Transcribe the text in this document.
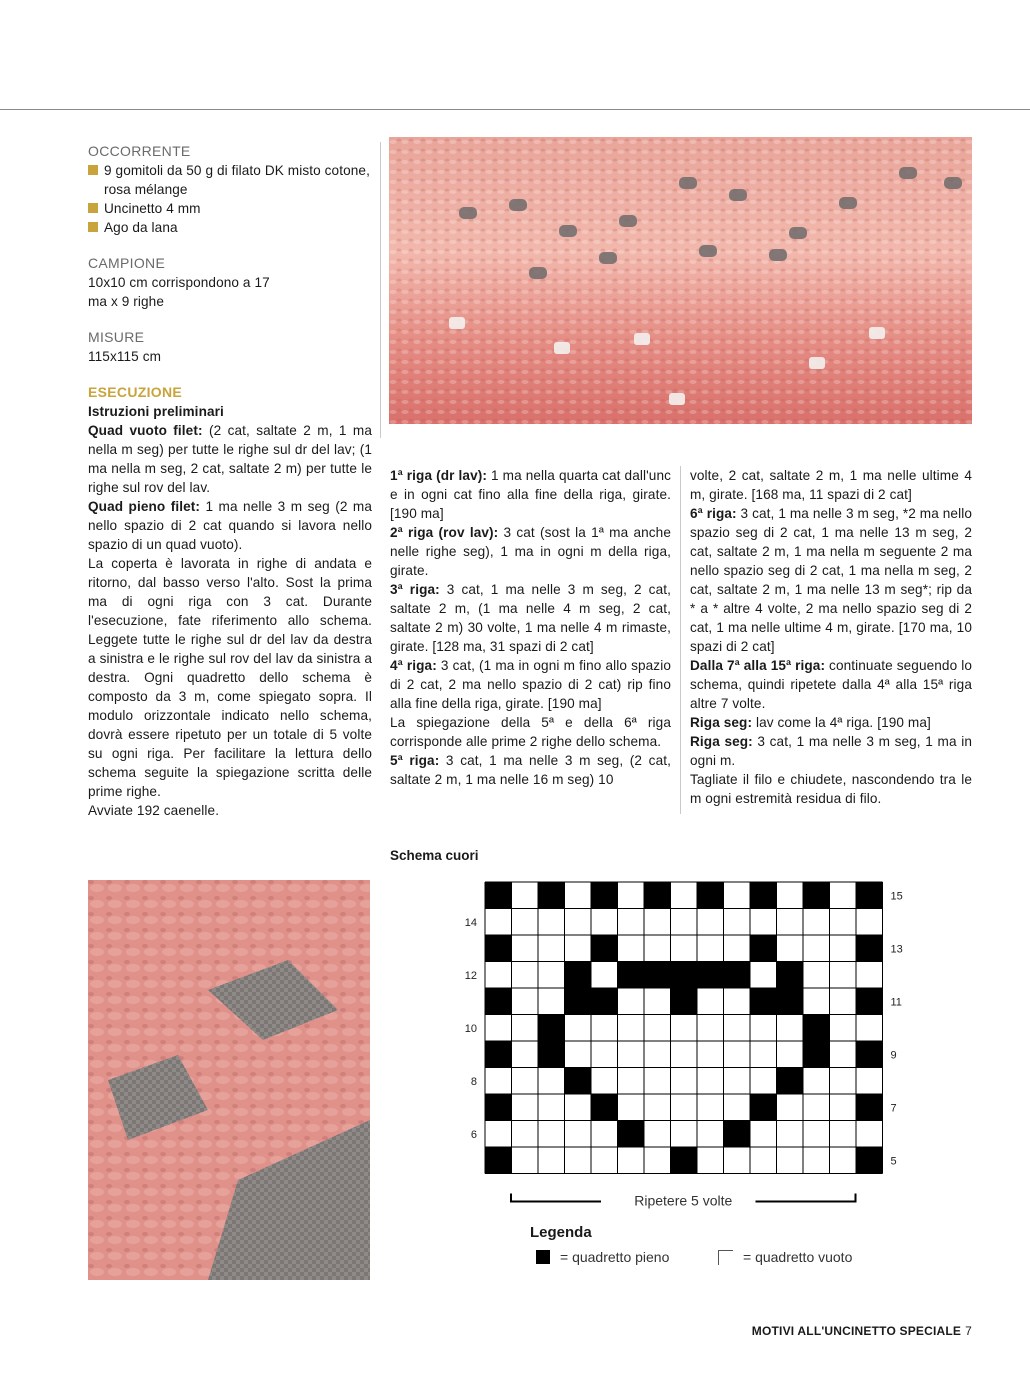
OCCORRENTE

9 gomitoli da 50 g di filato DK misto cotone, rosa mélange
Uncinetto 4 mm
Ago da lana

CAMPIONE

10x10 cm corrispondono a 17 ma x 9 righe

MISURE

115x115 cm

ESECUZIONE

Istruzioni preliminari

Quad vuoto filet: (2 cat, saltate 2 m, 1 ma nella m seg) per tutte le righe sul dr del lav; (1 ma nella m seg, 2 cat, saltate 2 m) per tutte le righe sul rov del lav.

Quad pieno filet: 1 ma nelle 3 m seg (2 ma nello spazio di 2 cat quando si lavora nello spazio di un quad vuoto).

La coperta è lavorata in righe di andata e ritorno, dal basso verso l'alto. Sost la prima ma di ogni riga con 3 cat. Durante l'esecuzione, fate riferimento allo schema. Leggete tutte le righe sul dr del lav da destra a sinistra e le righe sul rov del lav da sinistra a destra. Ogni quadretto dello schema è composto da 3 m, come spiegato sopra. Il modulo orizzontale indicato nello schema, dovrà essere ripetuto per un totale di 5 volte su ogni riga. Per facilitare la lettura dello schema seguite la spiegazione scritta delle prime righe.

Avviate 192 caenelle.

1ª riga (dr lav): 1 ma nella quarta cat dall'unc e in ogni cat fino alla fine della riga, girate. [190 ma]

2ª riga (rov lav): 3 cat (sost la 1ª ma anche nelle righe seg), 1 ma in ogni m della riga, girate.

3ª riga: 3 cat, 1 ma nelle 3 m seg, 2 cat, saltate 2 m, (1 ma nelle 4 m seg, 2 cat, saltate 2 m) 30 volte, 1 ma nelle 4 m rimaste, girate. [128 ma, 31 spazi di 2 cat]

4ª riga: 3 cat, (1 ma in ogni m fino allo spazio di 2 cat, 2 ma nello spazio di 2 cat) rip fino alla fine della riga, girate. [190 ma]

La spiegazione della 5ª e della 6ª riga corrisponde alle prime 2 righe dello schema.

5ª riga: 3 cat, 1 ma nelle 3 m seg, (2 cat, saltate 2 m, 1 ma nelle 16 m seg) 10

volte, 2 cat, saltate 2 m, 1 ma nelle ultime 4 m, girate. [168 ma, 11 spazi di 2 cat]

6ª riga: 3 cat, 1 ma nelle 3 m seg, *2 ma nello spazio seg di 2 cat, 1 ma nelle 13 m seg, 2 cat, saltate 2 m, 1 ma nella m seguente 2 ma nello spazio seg di 2 cat, 1 ma nella m seg, 2 cat, saltate 2 m, 1 ma nelle 13 m seg*; rip da * a * altre 4 volte, 2 ma nello spazio seg di 2 cat, 1 ma nelle ultime 4 m, girate. [170 ma, 10 spazi di 2 cat]

Dalla 7ª alla 15ª riga: continuate seguendo lo schema, quindi ripetete dalla 4ª alla 15ª riga altre 7 volte.

Riga seg: lav come la 4ª riga. [190 ma]

Riga seg: 3 cat, 1 ma nelle 3 m seg, 1 ma in ogni m.

Tagliate il filo e chiudete, nascondendo tra le m ogni estremità residua di filo.

Schema cuori
15
13
11
9
7
5
14
12
10
8
6
Ripetere 5 volte
Legenda
= quadretto pieno	= quadretto vuoto
MOTIVI ALL'UNCINETTO SPECIALE 7
